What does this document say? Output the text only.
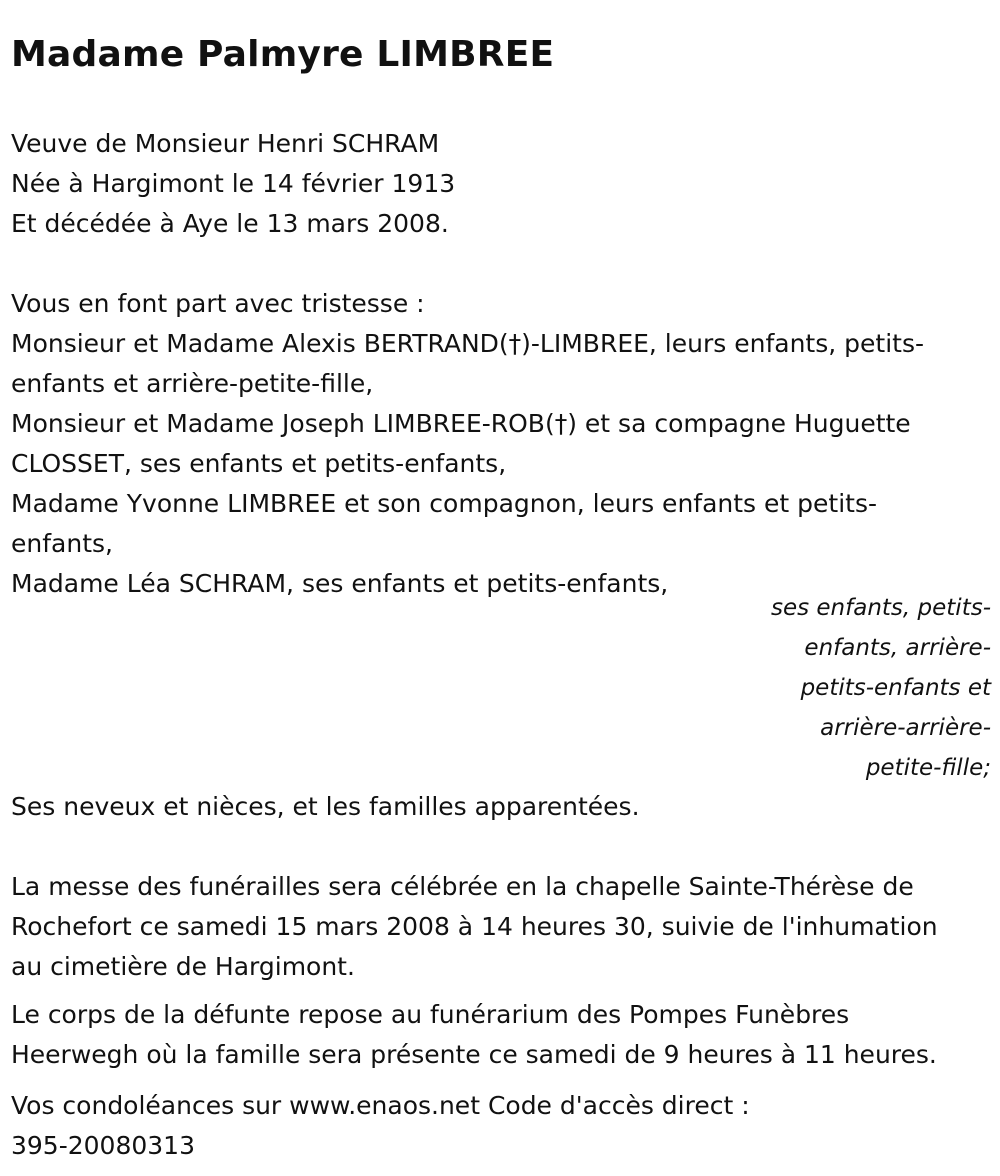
Madame Palmyre LIMBREE
Veuve de Monsieur Henri SCHRAM
Née à Hargimont le 14 février 1913
Et décédée à Aye le 13 mars 2008.
Vous en font part avec tristesse :
Monsieur et Madame Alexis BERTRAND(†)-LIMBREE, leurs enfants, petits-
enfants et arrière-petite-fille,
Monsieur et Madame Joseph LIMBREE-ROB(†) et sa compagne Huguette
CLOSSET, ses enfants et petits-enfants,
Madame Yvonne LIMBREE et son compagnon, leurs enfants et petits-
enfants,
Madame Léa SCHRAM, ses enfants et petits-enfants,
ses enfants, petits-
enfants, arrière-
petits-enfants et
arrière-arrière-
petite-fille;
Ses neveux et nièces, et les familles apparentées.
La messe des funérailles sera célébrée en la chapelle Sainte-Thérèse de
Rochefort ce samedi 15 mars 2008 à 14 heures 30, suivie de l'inhumation
au cimetière de Hargimont.
Le corps de la défunte repose au funérarium des Pompes Funèbres
Heerwegh où la famille sera présente ce samedi de 9 heures à 11 heures.
Vos condoléances sur www.enaos.net Code d'accès direct :
395-20080313
